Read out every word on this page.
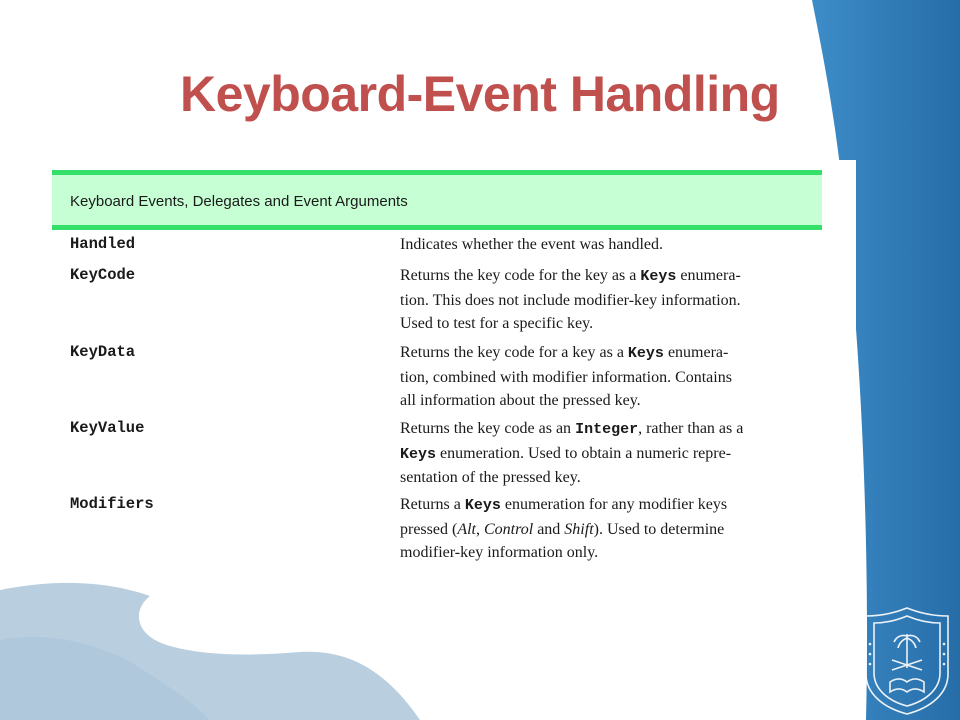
Keyboard-Event Handling
Keyboard Events, Delegates and Event Arguments
Handled	Indicates whether the event was handled.
KeyCode	Returns the key code for the key as a Keys enumera-
tion. This does not include modifier-key information.
Used to test for a specific key.
KeyData	Returns the key code for a key as a Keys enumera-
tion, combined with modifier information. Contains
all information about the pressed key.
KeyValue	Returns the key code as an Integer, rather than as a
Keys enumeration. Used to obtain a numeric repre-
sentation of the pressed key.
Modifiers	Returns a Keys enumeration for any modifier keys
pressed (Alt, Control and Shift). Used to determine
modifier-key information only.
